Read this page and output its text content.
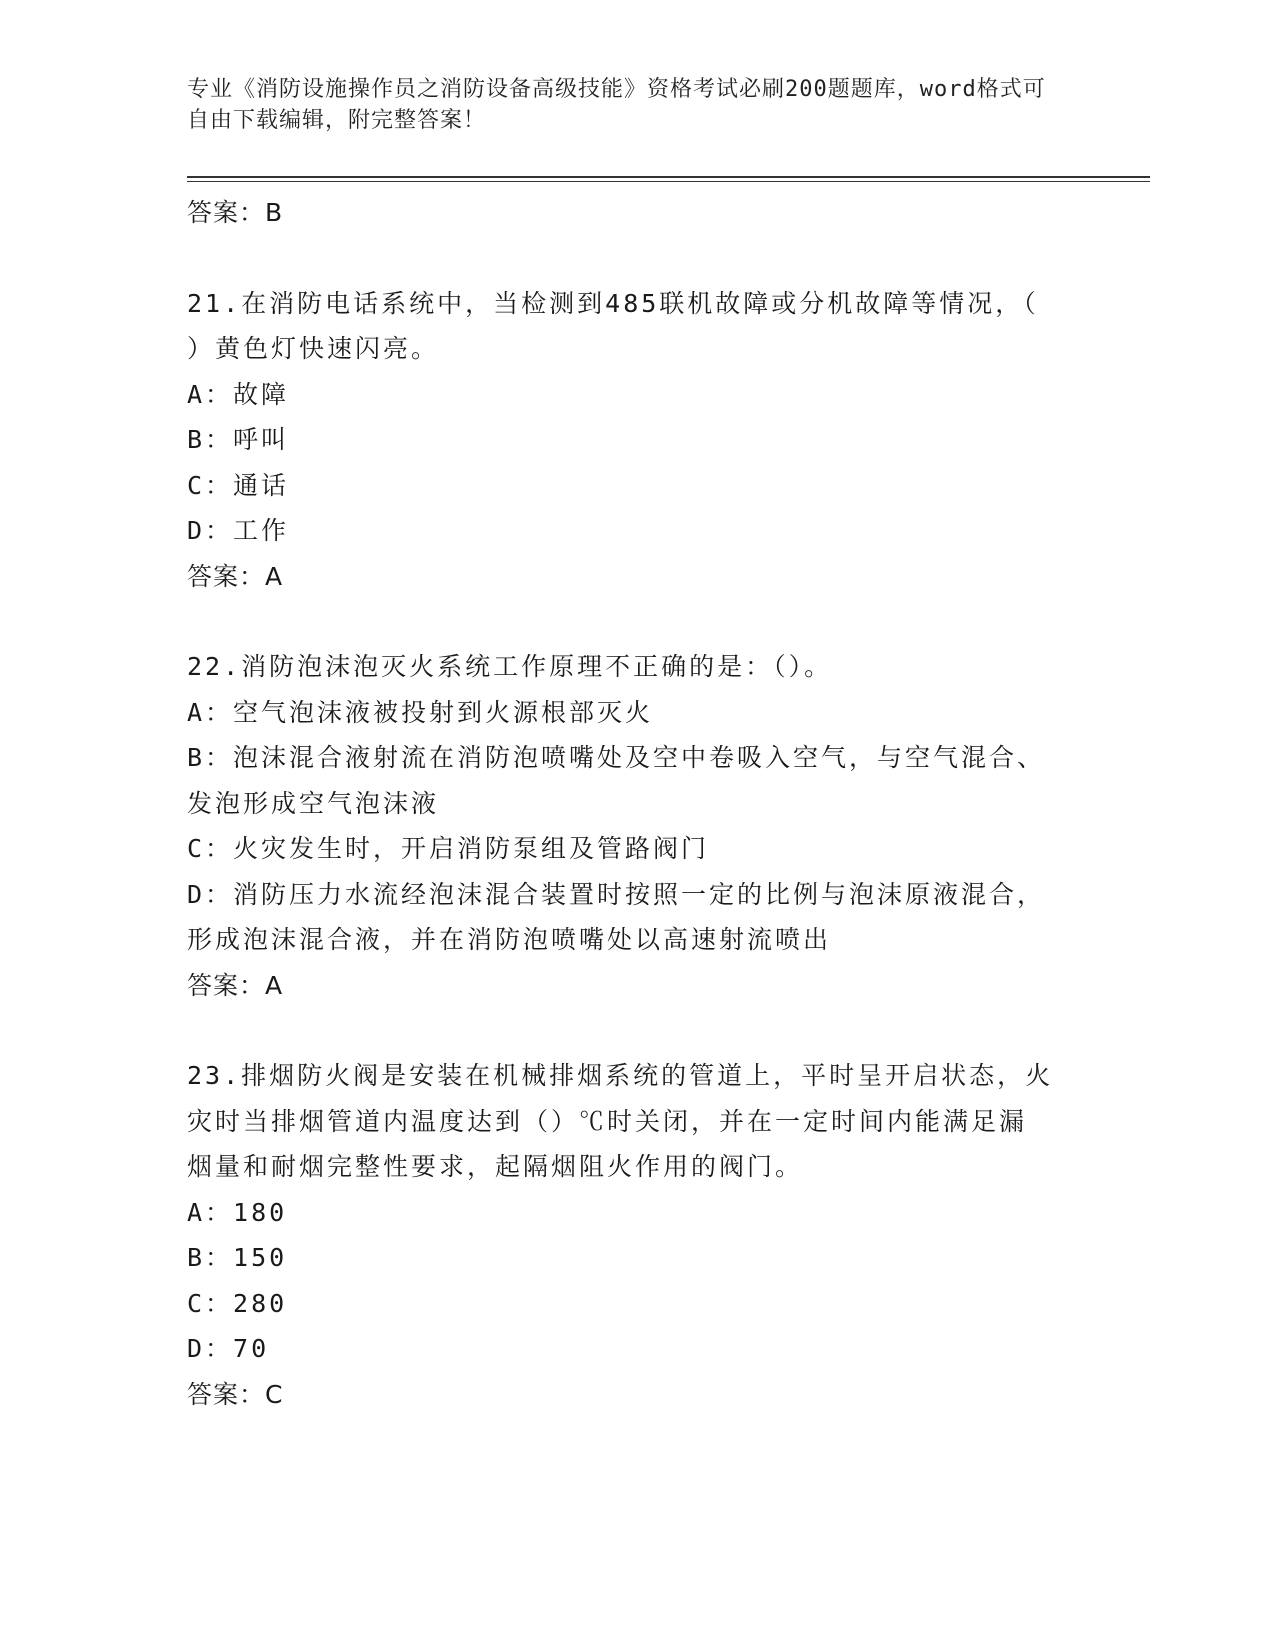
专业《消防设施操作员之消防设备高级技能》资格考试必刷200题题库，word格式可自由下载编辑，附完整答案！
答案：B
21.在消防电话系统中，当检测到485联机故障或分机故障等情况，（
）黄色灯快速闪亮。
A：故障
B：呼叫
C：通话
D：工作
答案：A
22.消防泡沫泡灭火系统工作原理不正确的是：（）。
A：空气泡沫液被投射到火源根部灭火
B：泡沫混合液射流在消防泡喷嘴处及空中卷吸入空气，与空气混合、
发泡形成空气泡沫液
C：火灾发生时，开启消防泵组及管路阀门
D：消防压力水流经泡沫混合装置时按照一定的比例与泡沫原液混合，
形成泡沫混合液，并在消防泡喷嘴处以高速射流喷出
答案：A
23.排烟防火阀是安装在机械排烟系统的管道上，平时呈开启状态，火
灾时当排烟管道内温度达到（）℃时关闭，并在一定时间内能满足漏
烟量和耐烟完整性要求，起隔烟阻火作用的阀门。
A：180
B：150
C：280
D：70
答案：C
